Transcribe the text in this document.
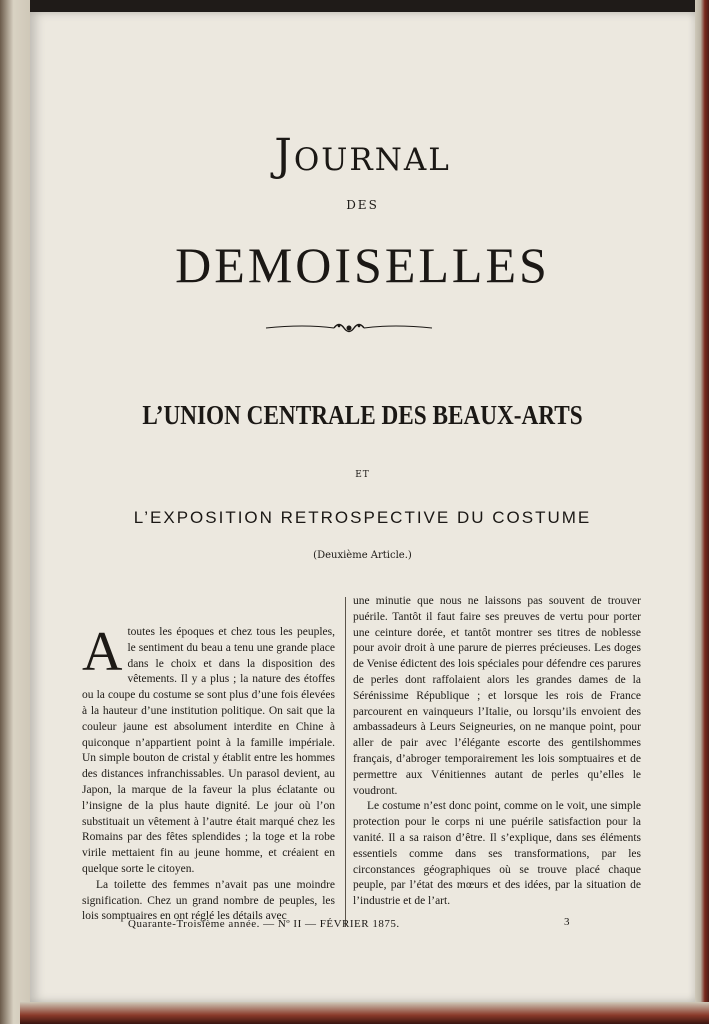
JOURNAL
DES
DEMOISELLES
L’UNION CENTRALE DES BEAUX-ARTS
ET
L’EXPOSITION RETROSPECTIVE DU COSTUME
(Deuxième Article.)

Atoutes les époques et chez tous les peuples, le sentiment du beau a tenu une grande place dans le choix et dans la disposition des vêtements. Il y a plus ; la nature des étoffes ou la coupe du costume se sont plus d’une fois élevées à la hauteur d’une institution politique. On sait que la couleur jaune est absolument interdite en Chine à quiconque n’appartient point à la famille impériale. Un simple bouton de cristal y établit entre les hommes des distances infranchissables. Un parasol devient, au Japon, la marque de la faveur la plus éclatante ou l’insigne de la plus haute dignité. Le jour où l’on substituait un vêtement à l’autre était marqué chez les Romains par des fêtes splendides ; la toge et la robe virile mettaient fin au jeune homme, et créaient en quelque sorte le citoyen.

La toilette des femmes n’avait pas une moindre signification. Chez un grand nombre de peuples, les lois somptuaires en ont réglé les détails avec

une minutie que nous ne laissons pas souvent de trouver puérile. Tantôt il faut faire ses preuves de vertu pour porter une ceinture dorée, et tantôt montrer ses titres de noblesse pour avoir droit à une parure de pierres précieuses. Les doges de Venise édictent des lois spéciales pour défendre ces parures de perles dont raffolaient alors les grandes dames de la Sérénissime République ; et lorsque les rois de France parcourent en vainqueurs l’Italie, ou lorsqu’ils envoient des ambassadeurs à Leurs Seigneuries, on ne manque point, pour aller de pair avec l’élégante escorte des gentilshommes français, d’abroger temporairement les lois somptuaires et de permettre aux Vénitiennes autant de perles qu’elles le voudront.

Le costume n’est donc point, comme on le voit, une simple protection pour le corps ni une puérile satisfaction pour la vanité. Il a sa raison d’être. Il s’explique, dans ses éléments essentiels comme dans ses transformations, par les circonstances géographiques où se trouve placé chaque peuple, par l’état des mœurs et des idées, par la situation de l’industrie et de l’art.

Quarante-Troisième année. — Nº II — FÉVRIER 1875.	3
